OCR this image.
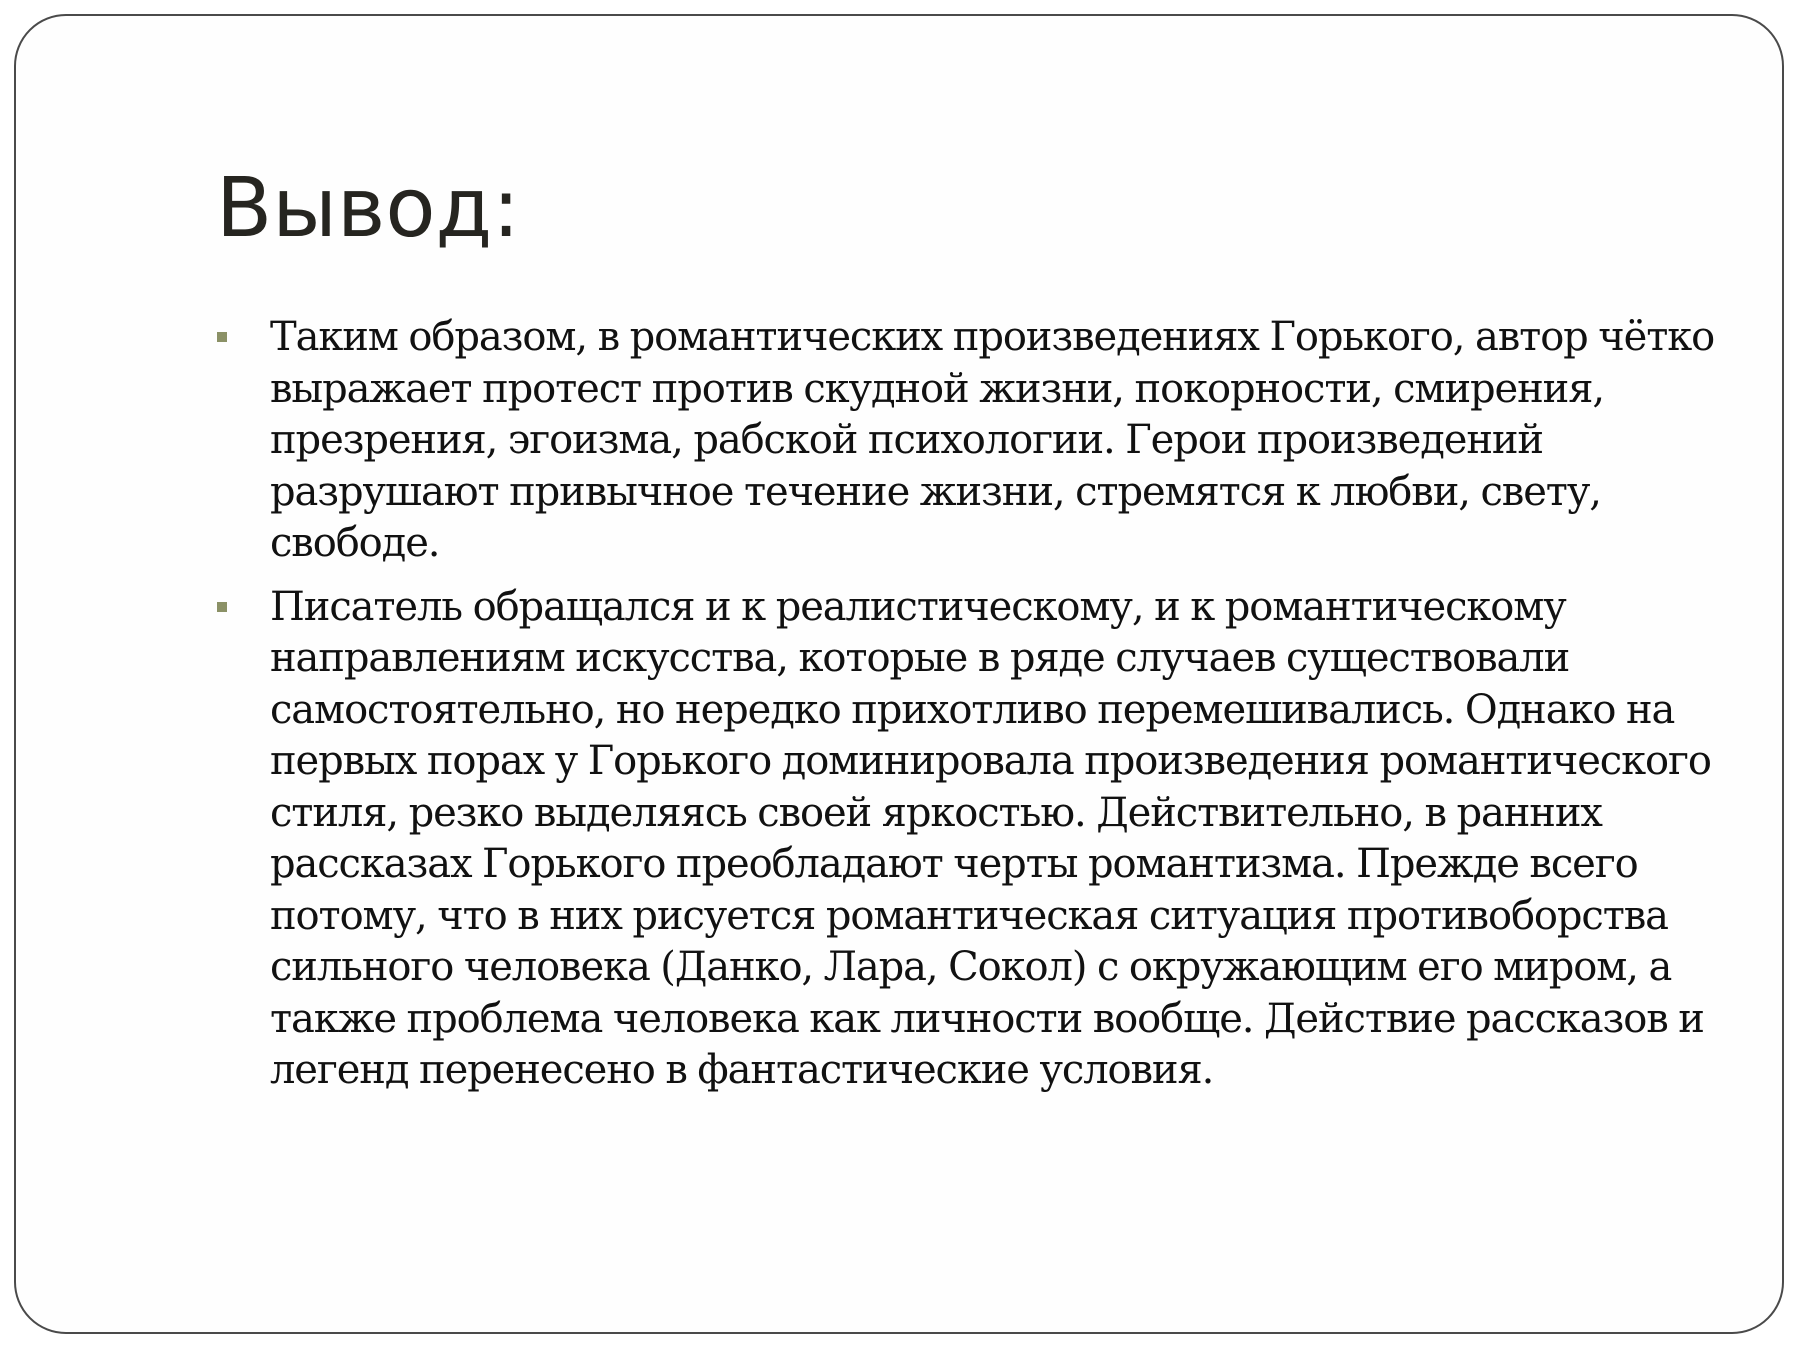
Вывод:
Таким образом, в романтических произведениях Горького, автор чётко выражает протест против скудной жизни, покорности, смирения, презрения, эгоизма, рабской психологии. Герои произведений разрушают привычное течение жизни, стремятся к любви, свету, свободе.
Писатель обращался и к реалистическому, и к романтическому направлениям искусства, которые в ряде случаев существовали самостоятельно, но нередко прихотливо перемешивались. Однако на первых порах у Горького доминировала произведения романтического стиля, резко выделяясь своей яркостью. Действительно, в ранних рассказах Горького преобладают черты романтизма. Прежде всего потому, что в них рисуется романтическая ситуация противоборства сильного человека (Данко, Лара, Сокол) с окружающим его миром, а также проблема человека как личности вообще. Действие рассказов и легенд перенесено в фантастические условия.
